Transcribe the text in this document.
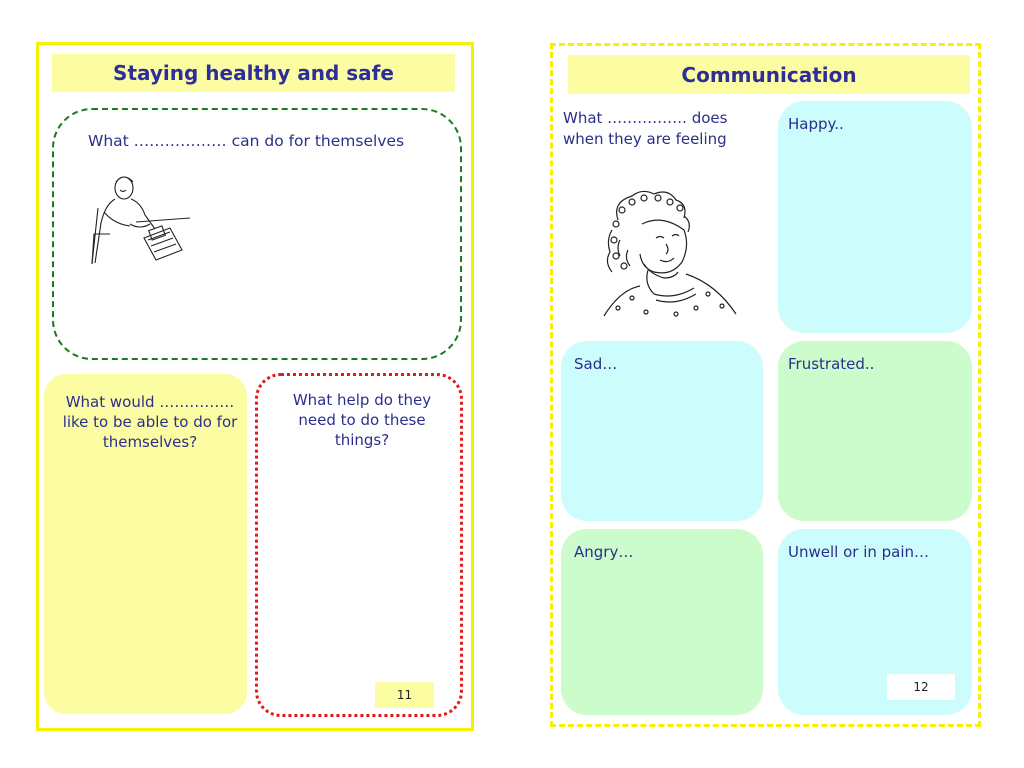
Staying healthy and safe
What ……………… can do for themselves
What would ……………
like to be able to do for
themselves?
What help do they
need to do these
things?
11
Communication
What ……………. does
when they are feeling
Happy..
Sad…	Frustrated..
Angry…	Unwell or in pain…
12
